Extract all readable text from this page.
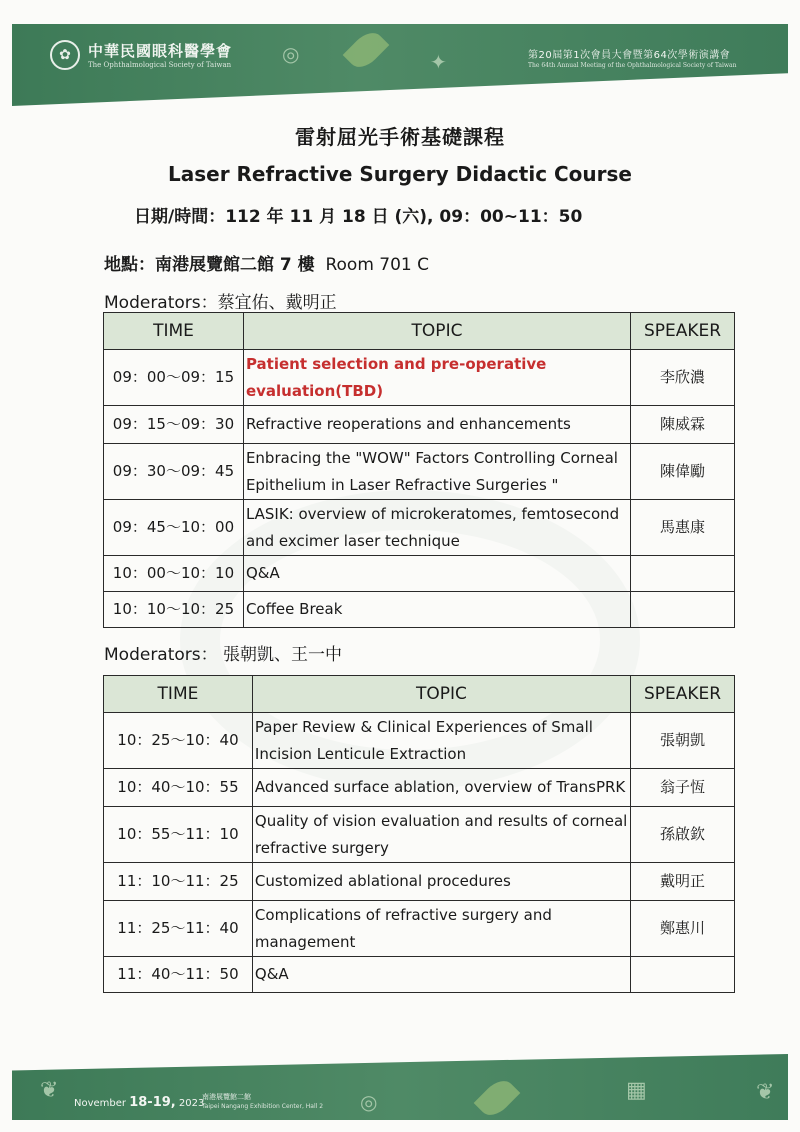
✿	中華民國眼科醫學會
The Ophthalmological Society of Taiwan	◎	✦	第20屆第1次會員大會暨第64次學術演講會
The 64th Annual Meeting of the Ophthalmological Society of Taiwan
雷射屈光手術基礎課程
Laser Refractive Surgery Didactic Course
日期/時間：112 年 11 月 18 日 (六), 09：00~11：50
地點：南港展覽館二館 7 樓 Room 701 C
Moderators：蔡宜佑、戴明正
TIME	TOPIC	SPEAKER
09：00～09：15	Patient selection and pre-operative evaluation(TBD)	李欣濃
09：15～09：30	Refractive reoperations and enhancements	陳威霖
09：30～09：45	Enbracing the "WOW" Factors Controlling Corneal Epithelium in Laser Refractive Surgeries "	陳偉勵
09：45～10：00	LASIK: overview of microkeratomes, femtosecond and excimer laser technique	馬惠康
10：00～10：10	Q&A	
10：10～10：25	Coffee Break	
Moderators： 張朝凱、王一中
TIME	TOPIC	SPEAKER
10：25～10：40	Paper Review & Clinical Experiences of Small Incision Lenticule Extraction	張朝凱
10：40～10：55	Advanced surface ablation, overview of TransPRK	翁子恆
10：55～11：10	Quality of vision evaluation and results of corneal refractive surgery	孫啟欽
11：10～11：25	Customized ablational procedures	戴明正
11：25～11：40	Complications of refractive surgery and management	鄭惠川
11：40～11：50	Q&A	
❦
November 18-19, 2023
南港展覽館二館
Taipei Nangang Exhibition Center, Hall 2 ◎	▦	❦
